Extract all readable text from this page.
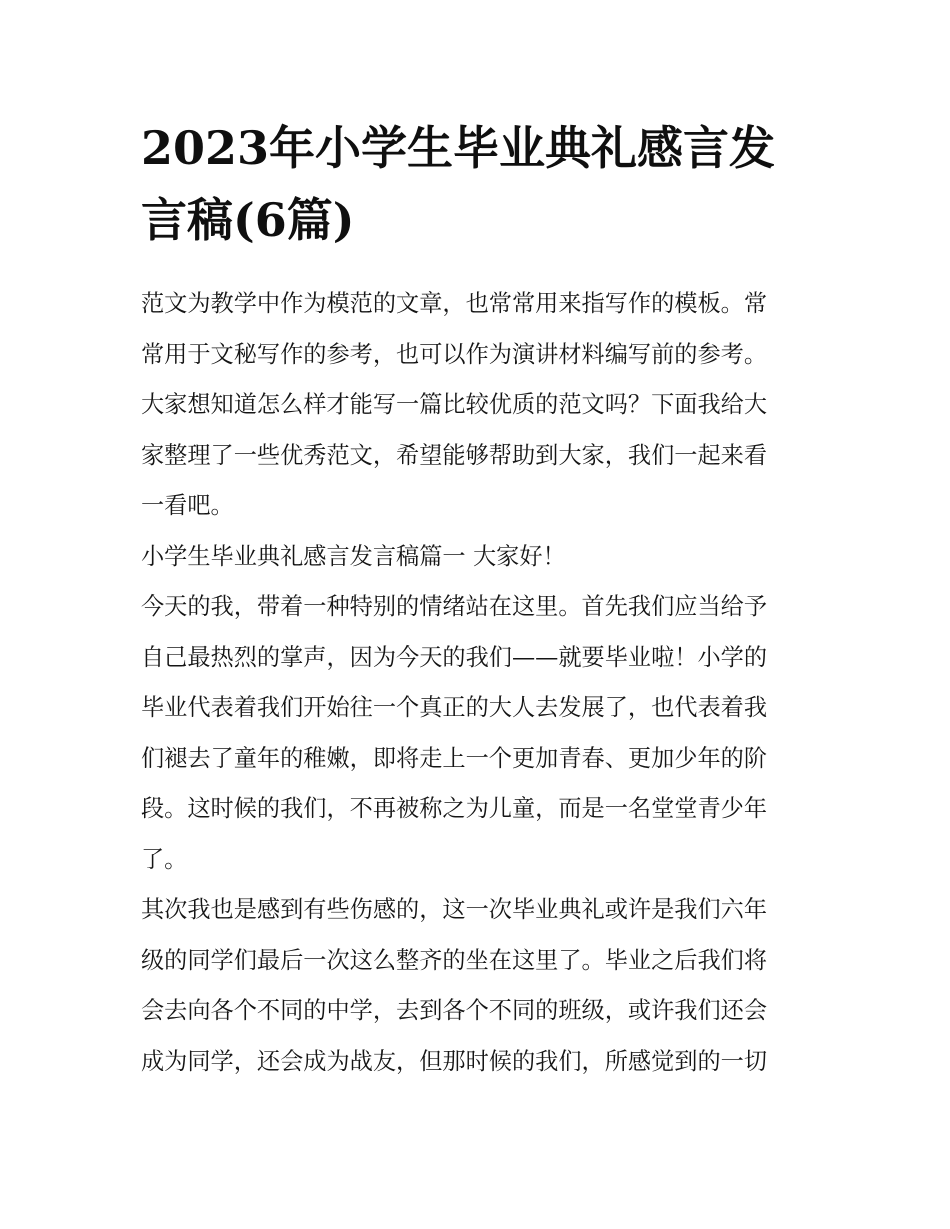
2023年小学生毕业典礼感言发
言稿(6篇)

范文为教学中作为模范的文章，也常常用来指写作的模板。常
常用于文秘写作的参考，也可以作为演讲材料编写前的参考。
大家想知道怎么样才能写一篇比较优质的范文吗？下面我给大
家整理了一些优秀范文，希望能够帮助到大家，我们一起来看
一看吧。

小学生毕业典礼感言发言稿篇一 大家好！

今天的我，带着一种特别的情绪站在这里。首先我们应当给予
自己最热烈的掌声，因为今天的我们——就要毕业啦！小学的
毕业代表着我们开始往一个真正的大人去发展了，也代表着我
们褪去了童年的稚嫩，即将走上一个更加青春、更加少年的阶
段。这时候的我们，不再被称之为儿童，而是一名堂堂青少年
了。

其次我也是感到有些伤感的，这一次毕业典礼或许是我们六年
级的同学们最后一次这么整齐的坐在这里了。毕业之后我们将
会去向各个不同的中学，去到各个不同的班级，或许我们还会
成为同学，还会成为战友，但那时候的我们，所感觉到的一切
